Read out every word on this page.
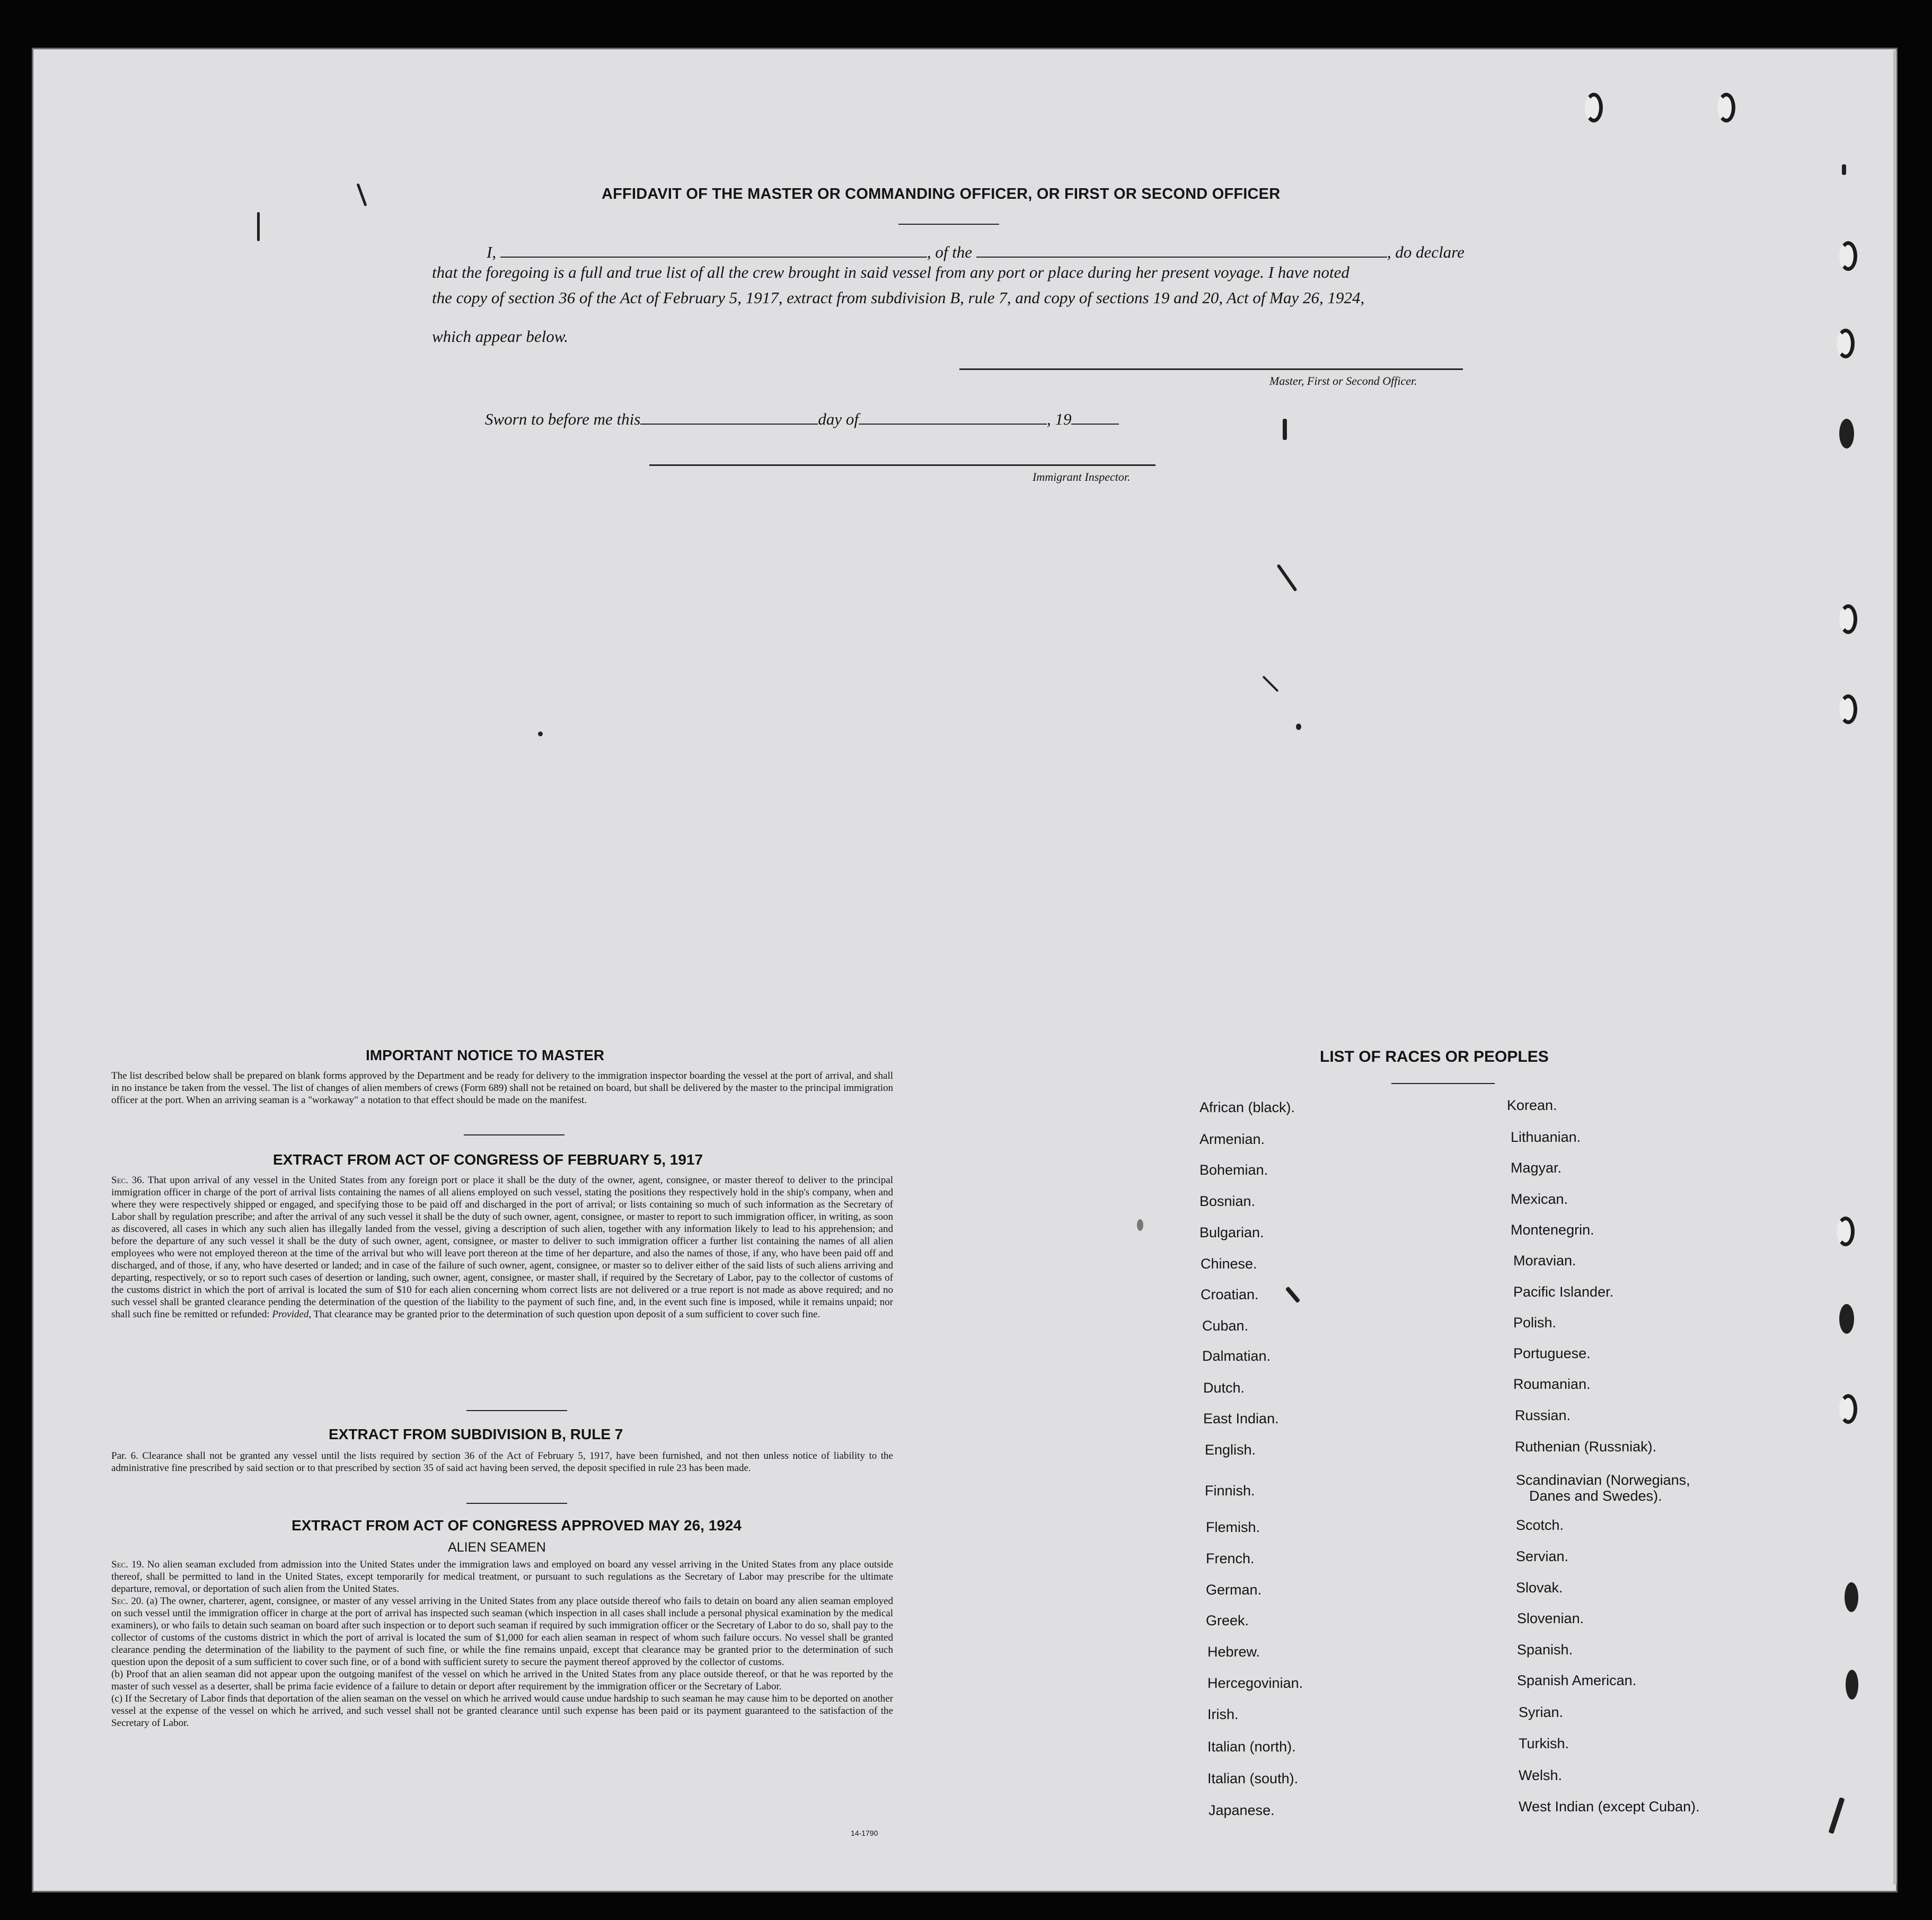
AFFIDAVIT OF THE MASTER OR COMMANDING OFFICER, OR FIRST OR SECOND OFFICER
I,	, of the	, do declare
that the foregoing is a full and true list of all the crew brought in said vessel from any port or place during her present voyage. I have noted
the copy of section 36 of the Act of February 5, 1917, extract from subdivision B, rule 7, and copy of sections 19 and 20, Act of May 26, 1924,
which appear below.
Master, First or Second Officer.
Sworn to before me this	day of	, 19
Immigrant Inspector.
IMPORTANT NOTICE TO MASTER

The list described below shall be prepared on blank forms approved by the Department and be ready for delivery to the immigration inspector boarding the vessel at the port of arrival, and shall in no instance be taken from the vessel. The list of changes of alien members of crews (Form 689) shall not be retained on board, but shall be delivered by the master to the principal immigration officer at the port. When an arriving seaman is a "workaway" a notation to that effect should be made on the manifest.

EXTRACT FROM ACT OF CONGRESS OF FEBRUARY 5, 1917

Sec. 36. That upon arrival of any vessel in the United States from any foreign port or place it shall be the duty of the owner, agent, consignee, or master thereof to deliver to the principal immigration officer in charge of the port of arrival lists containing the names of all aliens employed on such vessel, stating the positions they respectively hold in the ship's company, when and where they were respectively shipped or engaged, and specifying those to be paid off and discharged in the port of arrival; or lists containing so much of such information as the Secretary of Labor shall by regulation prescribe; and after the arrival of any such vessel it shall be the duty of such owner, agent, consignee, or master to report to such immigration officer, in writing, as soon as discovered, all cases in which any such alien has illegally landed from the vessel, giving a description of such alien, together with any information likely to lead to his apprehension; and before the departure of any such vessel it shall be the duty of such owner, agent, consignee, or master to deliver to such immigration officer a further list containing the names of all alien employees who were not employed thereon at the time of the arrival but who will leave port thereon at the time of her departure, and also the names of those, if any, who have been paid off and discharged, and of those, if any, who have deserted or landed; and in case of the failure of such owner, agent, consignee, or master so to deliver either of the said lists of such aliens arriving and departing, respectively, or so to report such cases of desertion or landing, such owner, agent, consignee, or master shall, if required by the Secretary of Labor, pay to the collector of customs of the customs district in which the port of arrival is located the sum of $10 for each alien concerning whom correct lists are not delivered or a true report is not made as above required; and no such vessel shall be granted clearance pending the determination of the question of the liability to the payment of such fine, and, in the event such fine is imposed, while it remains unpaid; nor shall such fine be remitted or refunded: Provided, That clearance may be granted prior to the determination of such question upon deposit of a sum sufficient to cover such fine.

EXTRACT FROM SUBDIVISION B, RULE 7

Par. 6. Clearance shall not be granted any vessel until the lists required by section 36 of the Act of February 5, 1917, have been furnished, and not then unless notice of liability to the administrative fine prescribed by said section or to that prescribed by section 35 of said act having been served, the deposit specified in rule 23 has been made.

EXTRACT FROM ACT OF CONGRESS APPROVED MAY 26, 1924
ALIEN SEAMEN

Sec. 19. No alien seaman excluded from admission into the United States under the immigration laws and employed on board any vessel arriving in the United States from any place outside thereof, shall be permitted to land in the United States, except temporarily for medical treatment, or pursuant to such regulations as the Secretary of Labor may prescribe for the ultimate departure, removal, or deportation of such alien from the United States.

Sec. 20. (a) The owner, charterer, agent, consignee, or master of any vessel arriving in the United States from any place outside thereof who fails to detain on board any alien seaman employed on such vessel until the immigration officer in charge at the port of arrival has inspected such seaman (which inspection in all cases shall include a personal physical examination by the medical examiners), or who fails to detain such seaman on board after such inspection or to deport such seaman if required by such immigration officer or the Secretary of Labor to do so, shall pay to the collector of customs of the customs district in which the port of arrival is located the sum of $1,000 for each alien seaman in respect of whom such failure occurs. No vessel shall be granted clearance pending the determination of the liability to the payment of such fine, or while the fine remains unpaid, except that clearance may be granted prior to the determination of such question upon the deposit of a sum sufficient to cover such fine, or of a bond with sufficient surety to secure the payment thereof approved by the collector of customs.

(b) Proof that an alien seaman did not appear upon the outgoing manifest of the vessel on which he arrived in the United States from any place outside thereof, or that he was reported by the master of such vessel as a deserter, shall be prima facie evidence of a failure to detain or deport after requirement by the immigration officer or the Secretary of Labor.

(c) If the Secretary of Labor finds that deportation of the alien seaman on the vessel on which he arrived would cause undue hardship to such seaman he may cause him to be deported on another vessel at the expense of the vessel on which he arrived, and such vessel shall not be granted clearance until such expense has been paid or its payment guaranteed to the satisfaction of the Secretary of Labor.

14-1790
LIST OF RACES OR PEOPLES
African (black).
Armenian.
Bohemian.
Bosnian.
Bulgarian.
Chinese.
Croatian.
Cuban.
Dalmatian.
Dutch.
East Indian.
English.
Finnish.
Flemish.
French.
German.
Greek.
Hebrew.
Hercegovinian.
Irish.
Italian (north).
Italian (south).
Japanese.
Korean.
Lithuanian.
Magyar.
Mexican.
Montenegrin.
Moravian.
Pacific Islander.
Polish.
Portuguese.
Roumanian.
Russian.
Ruthenian (Russniak).
Scandinavian (Norwegians,
Danes and Swedes).
Scotch.
Servian.
Slovak.
Slovenian.
Spanish.
Spanish American.
Syrian.
Turkish.
Welsh.
West Indian (except Cuban).
